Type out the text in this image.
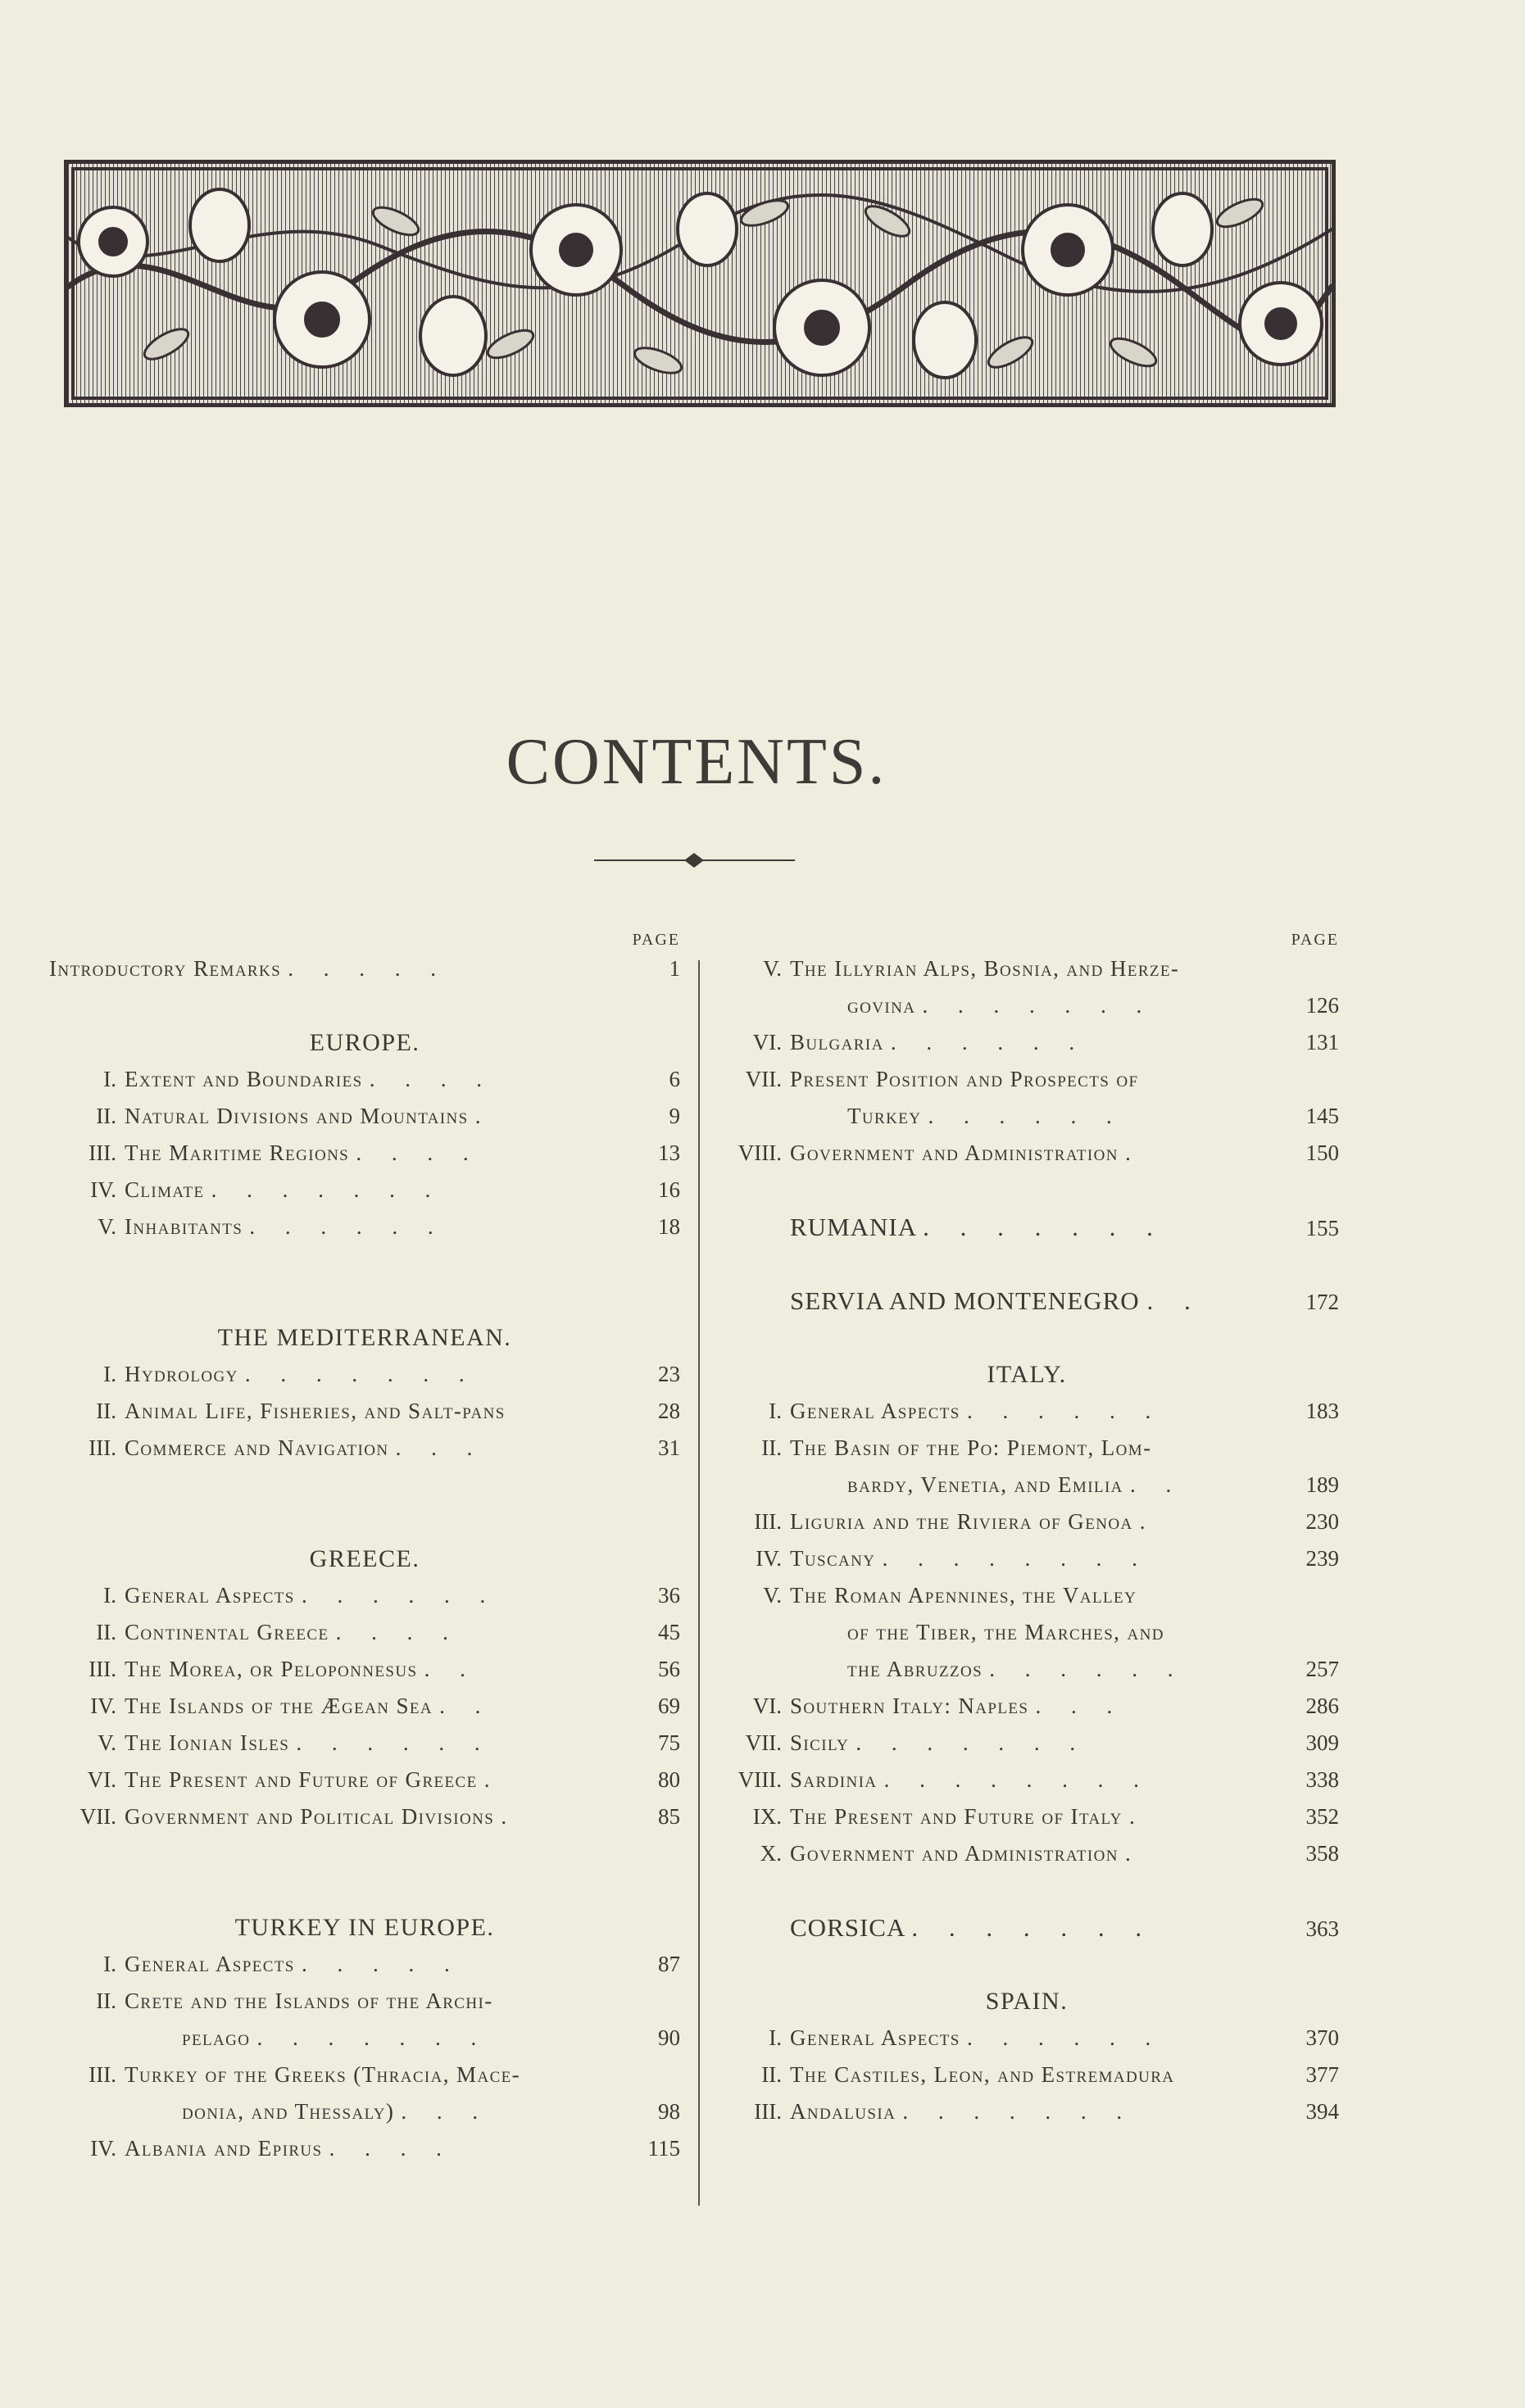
CONTENTS.
PAGE
Introductory Remarks . . . . .	1
EUROPE.
I. Extent and Boundaries . . . .	6
II. Natural Divisions and Mountains .	9
III. The Maritime Regions . . . .	13
IV. Climate . . . . . . .	16
V. Inhabitants . . . . . .	18
THE MEDITERRANEAN.
I. Hydrology . . . . . . .	23
II. Animal Life, Fisheries, and Salt-pans	28
III. Commerce and Navigation . . .	31
GREECE.
I. General Aspects . . . . . .	36
II. Continental Greece . . . .	45
III. The Morea, or Peloponnesus . .	56
IV. The Islands of the Ægean Sea . .	69
V. The Ionian Isles . . . . . .	75
VI. The Present and Future of Greece .	80
VII. Government and Political Divisions .	85
TURKEY IN EUROPE.
I. General Aspects . . . . .	87
II. Crete and the Islands of the Archi-
pelago . . . . . . .	90
III. Turkey of the Greeks (Thracia, Mace-
donia, and Thessaly) . . .	98
IV. Albania and Epirus . . . .	115
PAGE
V. The Illyrian Alps, Bosnia, and Herze-
govina . . . . . . .	126
VI. Bulgaria . . . . . .	131
VII. Present Position and Prospects of
Turkey . . . . . .	145
VIII. Government and Administration .	150
RUMANIA . . . . . . .	155
SERVIA AND MONTENEGRO . .	172
ITALY.
I. General Aspects . . . . . .	183
II. The Basin of the Po: Piemont, Lom-
bardy, Venetia, and Emilia . .	189
III. Liguria and the Riviera of Genoa .	230
IV. Tuscany . . . . . . . .	239
V. The Roman Apennines, the Valley
of the Tiber, the Marches, and
the Abruzzos . . . . . .	257
VI. Southern Italy: Naples . . .	286
VII. Sicily . . . . . . .	309
VIII. Sardinia . . . . . . . .	338
IX. The Present and Future of Italy .	352
X. Government and Administration .	358
CORSICA . . . . . . .	363
SPAIN.
I. General Aspects . . . . . .	370
II. The Castiles, Leon, and Estremadura	377
III. Andalusia . . . . . . .	394
